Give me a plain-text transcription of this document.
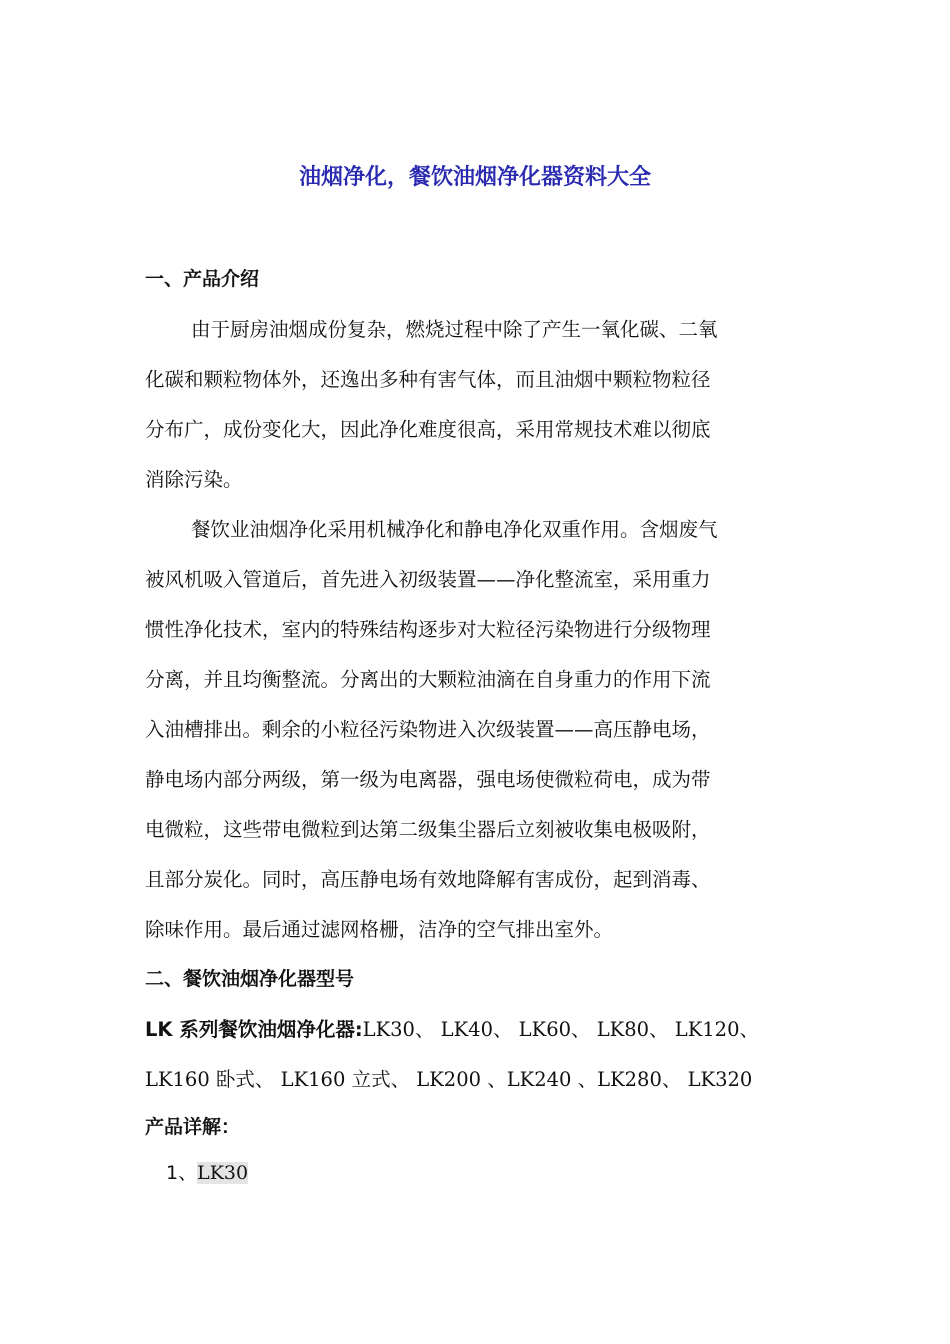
油烟净化，餐饮油烟净化器资料大全
一、产品介绍
由于厨房油烟成份复杂，燃烧过程中除了产生一氧化碳、二氧
化碳和颗粒物体外，还逸出多种有害气体，而且油烟中颗粒物粒径
分布广，成份变化大，因此净化难度很高，采用常规技术难以彻底
消除污染。
餐饮业油烟净化采用机械净化和静电净化双重作用。含烟废气
被风机吸入管道后，首先进入初级装置——净化整流室，采用重力
惯性净化技术，室内的特殊结构逐步对大粒径污染物进行分级物理
分离，并且均衡整流。分离出的大颗粒油滴在自身重力的作用下流
入油槽排出。剩余的小粒径污染物进入次级装置——高压静电场，
静电场内部分两级，第一级为电离器，强电场使微粒荷电，成为带
电微粒，这些带电微粒到达第二级集尘器后立刻被收集电极吸附，
且部分炭化。同时，高压静电场有效地降解有害成份，起到消毒、
除味作用。最后通过滤网格栅，洁净的空气排出室外。
二、餐饮油烟净化器型号
LK 系列餐饮油烟净化器:LK30、 LK40、 LK60、 LK80、 LK120、
LK160 卧式、 LK160 立式、 LK200 、LK240 、LK280、 LK320
产品详解：
1、LK30
